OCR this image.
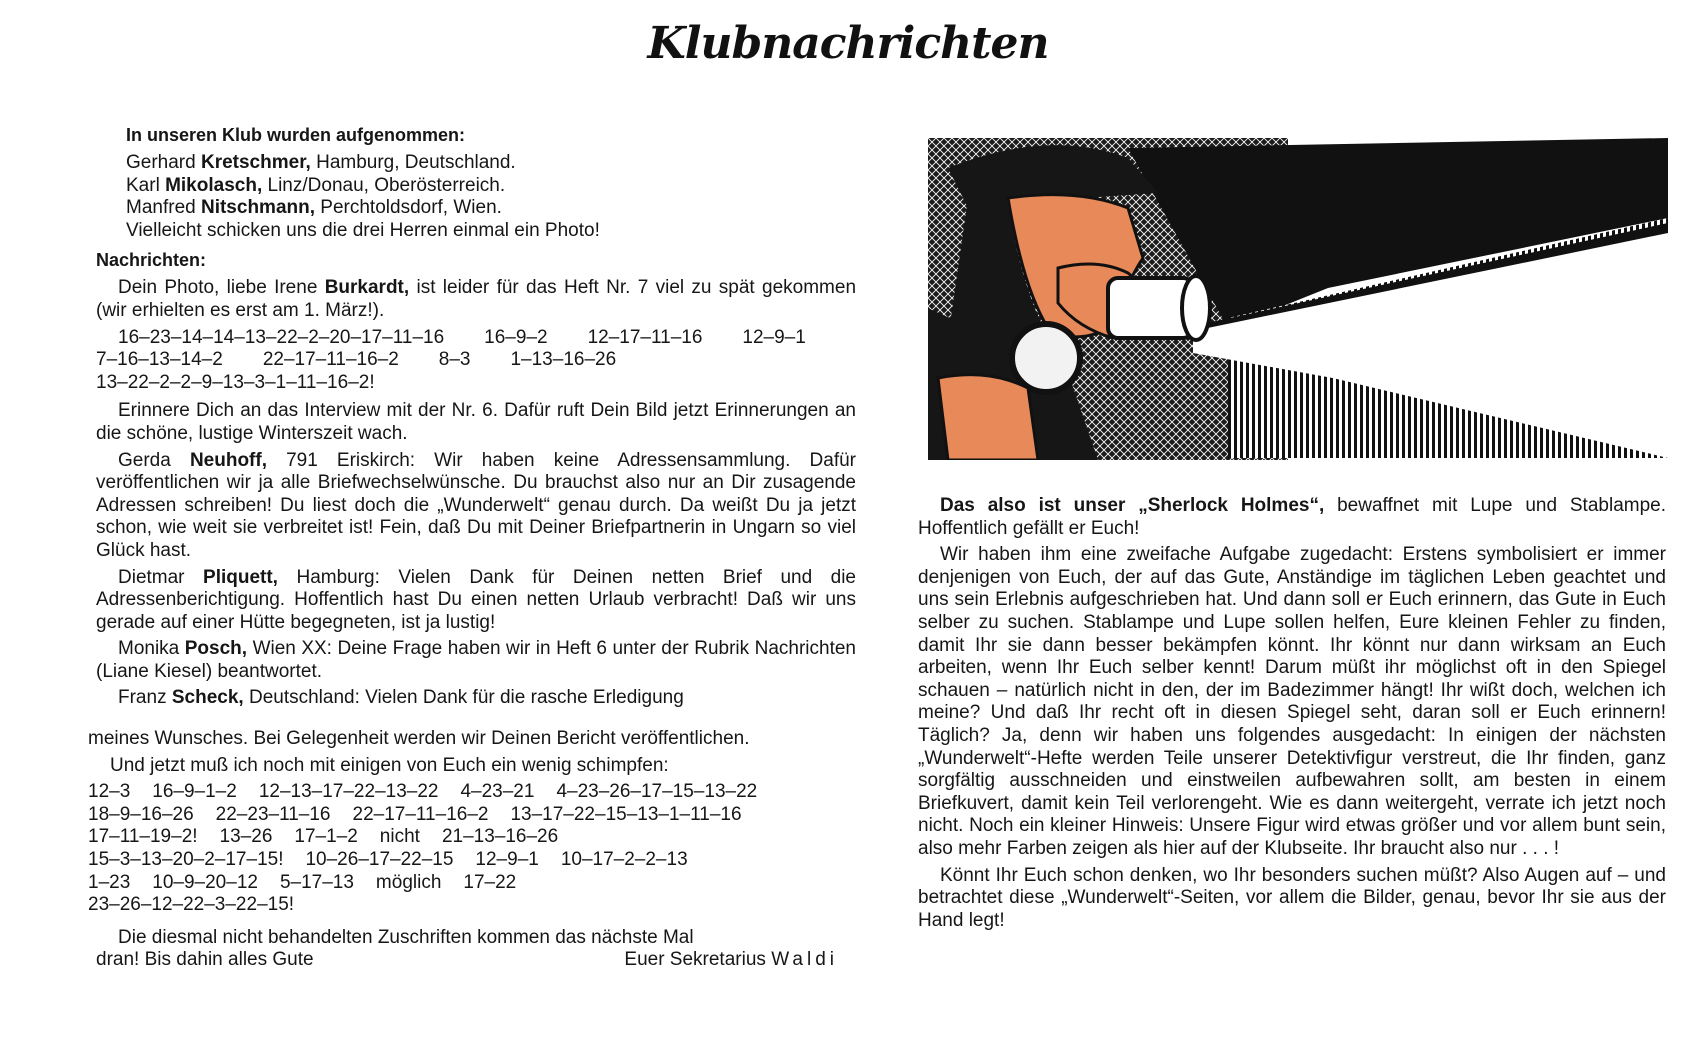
Klubnachrichten
In unseren Klub wurden aufgenommen:
Gerhard Kretschmer, Hamburg, Deutschland.
Karl Mikolasch, Linz/Donau, Oberösterreich.
Manfred Nitschmann, Perchtoldsdorf, Wien.
Vielleicht schicken uns die drei Herren einmal ein Photo!
Nachrichten:

Dein Photo, liebe Irene Burkardt, ist leider für das Heft Nr. 7 viel zu spät gekommen (wir erhielten es erst am 1. März!).

16–23–14–14–13–22–2–20–17–11–16 16–9–2 12–17–11–16 12–9–1
7–16–13–14–2 22–17–11–16–2 8–3 1–13–16–26
13–22–2–2–9–13–3–1–11–16–2!

Erinnere Dich an das Interview mit der Nr. 6. Dafür ruft Dein Bild jetzt Erinnerungen an die schöne, lustige Winterszeit wach.

Gerda Neuhoff, 791 Eriskirch: Wir haben keine Adressensammlung. Dafür veröffentlichen wir ja alle Briefwechselwünsche. Du brauchst also nur an Dir zusagende Adressen schreiben! Du liest doch die „Wunderwelt“ genau durch. Da weißt Du ja jetzt schon, wie weit sie verbreitet ist! Fein, daß Du mit Deiner Briefpartnerin in Ungarn so viel Glück hast.

Dietmar Pliquett, Hamburg: Vielen Dank für Deinen netten Brief und die Adressenberichtigung. Hoffentlich hast Du einen netten Urlaub verbracht! Daß wir uns gerade auf einer Hütte begegneten, ist ja lustig!

Monika Posch, Wien XX: Deine Frage haben wir in Heft 6 unter der Rubrik Nachrichten (Liane Kiesel) beantwortet.

Franz Scheck, Deutschland: Vielen Dank für die rasche Erledigung

meines Wunsches. Bei Gelegenheit werden wir Deinen Bericht veröffentlichen.

Und jetzt muß ich noch mit einigen von Euch ein wenig schimpfen:

12–3 16–9–1–2 12–13–17–22–13–22 4–23–21 4–23–26–17–15–13–22
18–9–16–26 22–23–11–16 22–17–11–16–2 13–17–22–15–13–1–11–16
17–11–19–2! 13–26 17–1–2 nicht 21–13–16–26
15–3–13–20–2–17–15! 10–26–17–22–15 12–9–1 10–17–2–2–13
1–23 10–9–20–12 5–17–13 möglich 17–22
23–26–12–22–3–22–15!
Die diesmal nicht behandelten Zuschriften kommen das nächste Mal
dran! Bis dahin alles Gute	Euer Sekretarius Waldi

Das also ist unser „Sherlock Holmes“, bewaffnet mit Lupe und Stablampe. Hoffentlich gefällt er Euch!

Wir haben ihm eine zweifache Aufgabe zugedacht: Erstens symbolisiert er immer denjenigen von Euch, der auf das Gute, Anständige im täglichen Leben geachtet und uns sein Erlebnis aufgeschrieben hat. Und dann soll er Euch erinnern, das Gute in Euch selber zu suchen. Stablampe und Lupe sollen helfen, Eure kleinen Fehler zu finden, damit Ihr sie dann besser bekämpfen könnt. Ihr könnt nur dann wirksam an Euch arbeiten, wenn Ihr Euch selber kennt! Darum müßt ihr möglichst oft in den Spiegel schauen – natürlich nicht in den, der im Badezimmer hängt! Ihr wißt doch, welchen ich meine? Und daß Ihr recht oft in diesen Spiegel seht, daran soll er Euch erinnern! Täglich? Ja, denn wir haben uns folgendes ausgedacht: In einigen der nächsten „Wunderwelt“-Hefte werden Teile unserer Detektivfigur verstreut, die Ihr finden, ganz sorgfältig ausschneiden und einstweilen aufbewahren sollt, am besten in einem Briefkuvert, damit kein Teil verlorengeht. Wie es dann weitergeht, verrate ich jetzt noch nicht. Noch ein kleiner Hinweis: Unsere Figur wird etwas größer und vor allem bunt sein, also mehr Farben zeigen als hier auf der Klubseite. Ihr braucht also nur . . . !

Könnt Ihr Euch schon denken, wo Ihr besonders suchen müßt? Also Augen auf – und betrachtet diese „Wunderwelt“-Seiten, vor allem die Bilder, genau, bevor Ihr sie aus der Hand legt!
